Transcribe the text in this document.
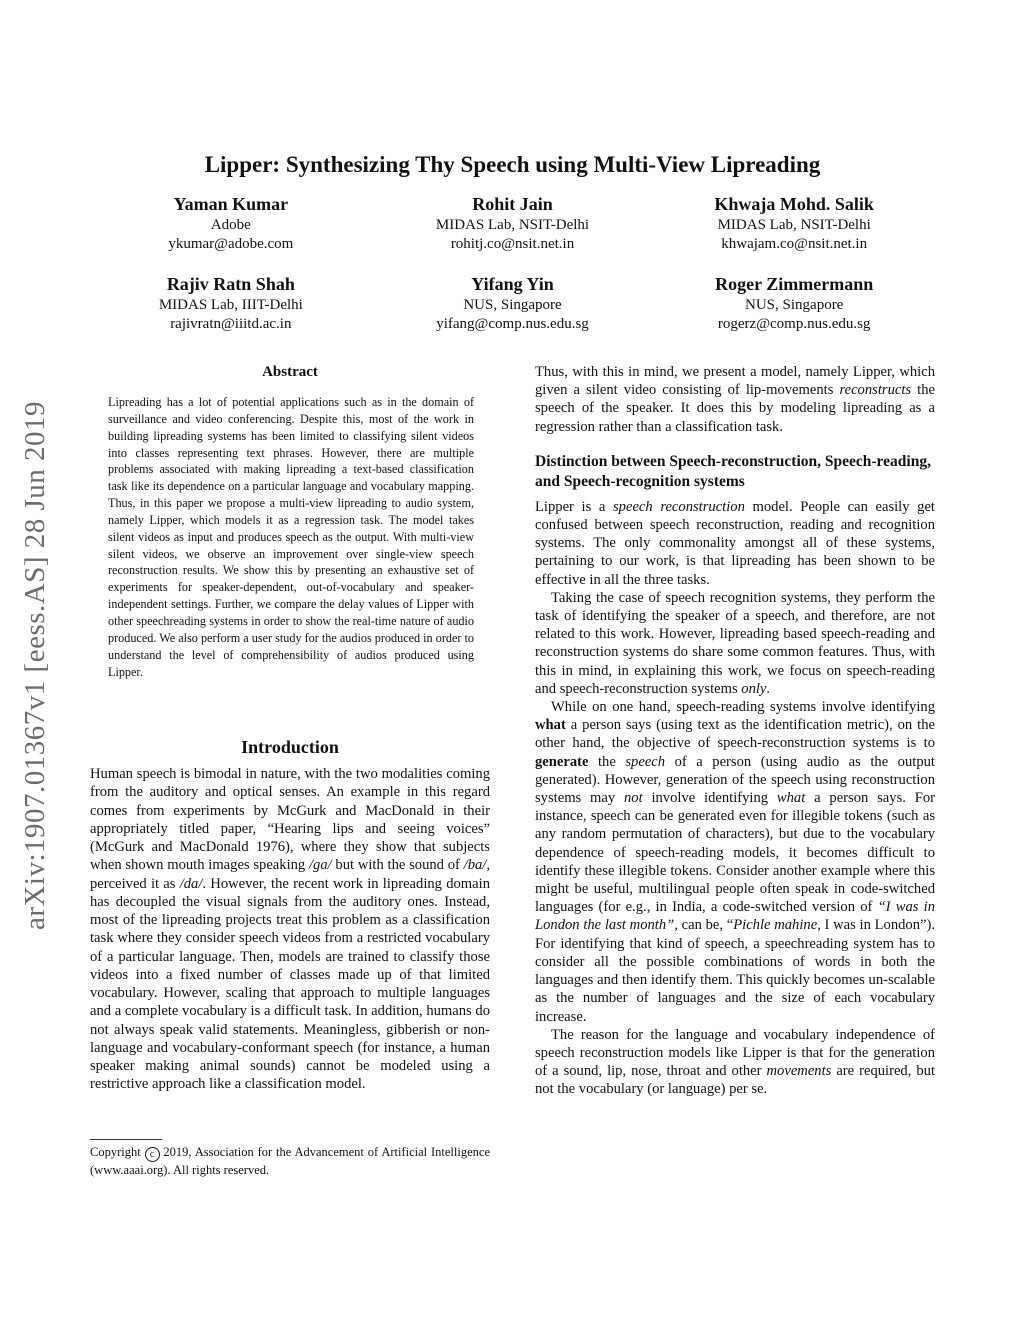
arXiv:1907.01367v1 [eess.AS] 28 Jun 2019
Lipper: Synthesizing Thy Speech using Multi-View Lipreading
Yaman Kumar
Adobe
ykumar@adobe.com
Rohit Jain
MIDAS Lab, NSIT-Delhi
rohitj.co@nsit.net.in
Khwaja Mohd. Salik
MIDAS Lab, NSIT-Delhi
khwajam.co@nsit.net.in
Rajiv Ratn Shah
MIDAS Lab, IIIT-Delhi
rajivratn@iiitd.ac.in
Yifang Yin
NUS, Singapore
yifang@comp.nus.edu.sg
Roger Zimmermann
NUS, Singapore
rogerz@comp.nus.edu.sg
Abstract

Lipreading has a lot of potential applications such as in the domain of surveillance and video conferencing. Despite this, most of the work in building lipreading systems has been limited to classifying silent videos into classes representing text phrases. However, there are multiple problems associated with making lipreading a text-based classification task like its dependence on a particular language and vocabulary mapping. Thus, in this paper we propose a multi-view lipreading to audio system, namely Lipper, which models it as a regression task. The model takes silent videos as input and produces speech as the output. With multi-view silent videos, we observe an improvement over single-view speech reconstruction results. We show this by presenting an exhaustive set of experiments for speaker-dependent, out-of-vocabulary and speaker-independent settings. Further, we compare the delay values of Lipper with other speechreading systems in order to show the real-time nature of audio produced. We also perform a user study for the audios produced in order to understand the level of comprehensibility of audios produced using Lipper.

Introduction

Human speech is bimodal in nature, with the two modalities coming from the auditory and optical senses. An example in this regard comes from experiments by McGurk and MacDonald in their appropriately titled paper, “Hearing lips and seeing voices” (McGurk and MacDonald 1976), where they show that subjects when shown mouth images speaking /ga/ but with the sound of /ba/, perceived it as /da/. However, the recent work in lipreading domain has decoupled the visual signals from the auditory ones. Instead, most of the lipreading projects treat this problem as a classification task where they consider speech videos from a restricted vocabulary of a particular language. Then, models are trained to classify those videos into a fixed number of classes made up of that limited vocabulary. However, scaling that approach to multiple languages and a complete vocabulary is a difficult task. In addition, humans do not always speak valid statements. Meaningless, gibberish or non-language and vocabulary-conformant speech (for instance, a human speaker making animal sounds) cannot be modeled using a restrictive approach like a classification model.

Copyright c 2019, Association for the Advancement of Artificial Intelligence (www.aaai.org). All rights reserved.

Thus, with this in mind, we present a model, namely Lipper, which given a silent video consisting of lip-movements reconstructs the speech of the speaker. It does this by modeling lipreading as a regression rather than a classification task.

Distinction between Speech-reconstruction, Speech-reading, and Speech-recognition systems

Lipper is a speech reconstruction model. People can easily get confused between speech reconstruction, reading and recognition systems. The only commonality amongst all of these systems, pertaining to our work, is that lipreading has been shown to be effective in all the three tasks.

Taking the case of speech recognition systems, they perform the task of identifying the speaker of a speech, and therefore, are not related to this work. However, lipreading based speech-reading and reconstruction systems do share some common features. Thus, with this in mind, in explaining this work, we focus on speech-reading and speech-reconstruction systems only.

While on one hand, speech-reading systems involve identifying what a person says (using text as the identification metric), on the other hand, the objective of speech-reconstruction systems is to generate the speech of a person (using audio as the output generated). However, generation of the speech using reconstruction systems may not involve identifying what a person says. For instance, speech can be generated even for illegible tokens (such as any random permutation of characters), but due to the vocabulary dependence of speech-reading models, it becomes difficult to identify these illegible tokens. Consider another example where this might be useful, multilingual people often speak in code-switched languages (for e.g., in India, a code-switched version of “I was in London the last month”, can be, “Pichle mahine, I was in London”). For identifying that kind of speech, a speechreading system has to consider all the possible combinations of words in both the languages and then identify them. This quickly becomes un-scalable as the number of languages and the size of each vocabulary increase.

The reason for the language and vocabulary independence of speech reconstruction models like Lipper is that for the generation of a sound, lip, nose, throat and other movements are required, but not the vocabulary (or language) per se.
